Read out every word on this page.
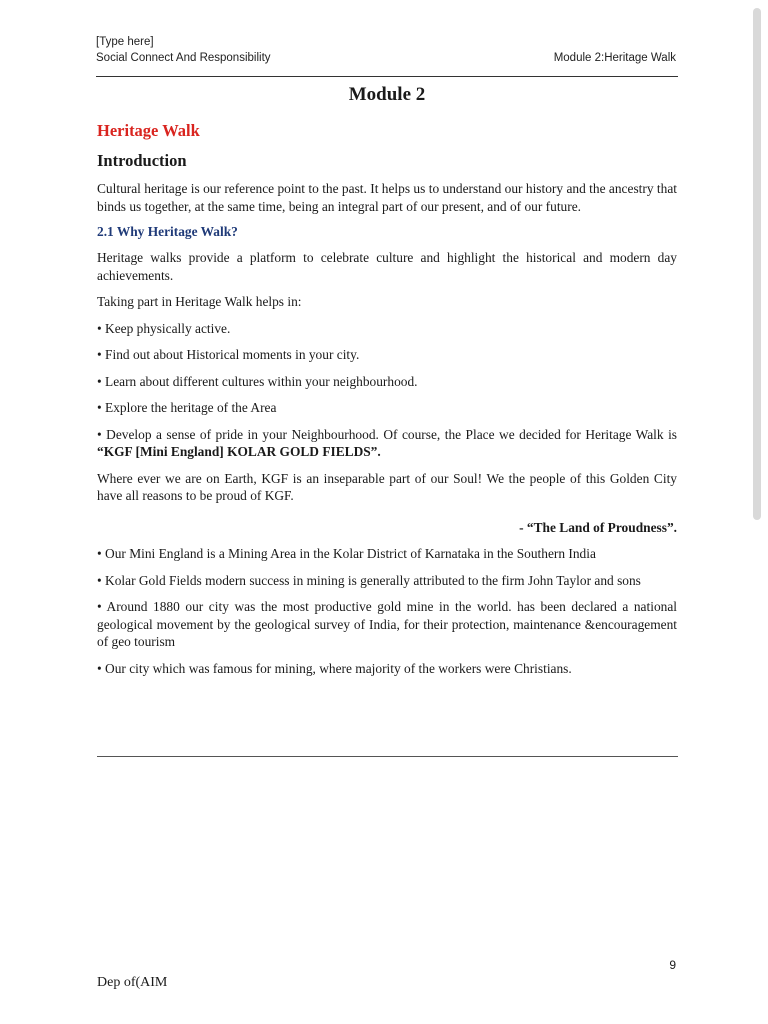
[Type here]
Social Connect And Responsibility	Module 2:Heritage Walk
Module 2
Heritage Walk
Introduction
Cultural heritage is our reference point to the past. It helps us to understand our history and the ancestry that binds us together, at the same time, being an integral part of our present, and of our future.
2.1 Why Heritage Walk?
Heritage walks provide a platform to celebrate culture and highlight the historical and modern day achievements.
Taking part in Heritage Walk helps in:
• Keep physically active.
• Find out about Historical moments in your city.
• Learn about different cultures within your neighbourhood.
• Explore the heritage of the Area
• Develop a sense of pride in your Neighbourhood. Of course, the Place we decided for Heritage Walk is “KGF [Mini England] KOLAR GOLD FIELDS”.
Where ever we are on Earth, KGF is an inseparable part of our Soul! We the people of this Golden City have all reasons to be proud of KGF.
- “The Land of Proudness”.
• Our Mini England is a Mining Area in the Kolar District of Karnataka in the Southern India
• Kolar Gold Fields modern success in mining is generally attributed to the firm John Taylor and sons
• Around 1880 our city was the most productive gold mine in the world. has been declared a national geological movement by the geological survey of India, for their protection, maintenance &encouragement of geo tourism
• Our city which was famous for mining, where majority of the workers were Christians.
9
Dep of(AIM
